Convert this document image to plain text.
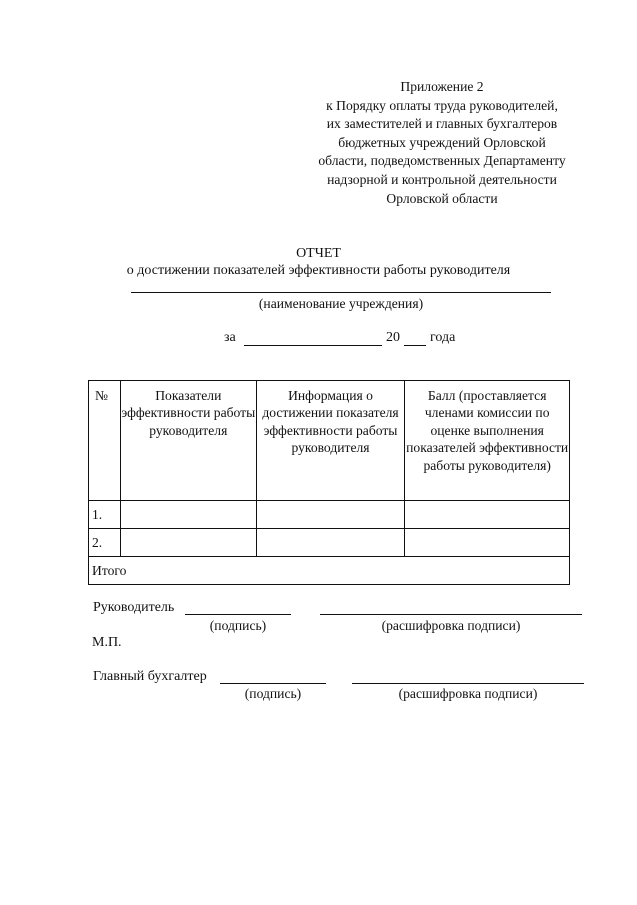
Приложение 2
к Порядку оплаты труда руководителей,
их заместителей и главных бухгалтеров
бюджетных учреждений Орловской
области, подведомственных Департаменту
надзорной и контрольной деятельности
Орловской области
ОТЧЕТ
о достижении показателей эффективности работы руководителя
(наименование учреждения)
за	20 года
№	Показатели эффективности работы руководителя	Информация о достижении показателя эффективности работы руководителя	Балл (проставляется членами комиссии по оценке выполнения показателей эффективности работы руководителя)
1.			
2.			
Итого			
Руководитель
(подпись)	(расшифровка подписи)
М.П.
Главный бухгалтер
(подпись)	(расшифровка подписи)
